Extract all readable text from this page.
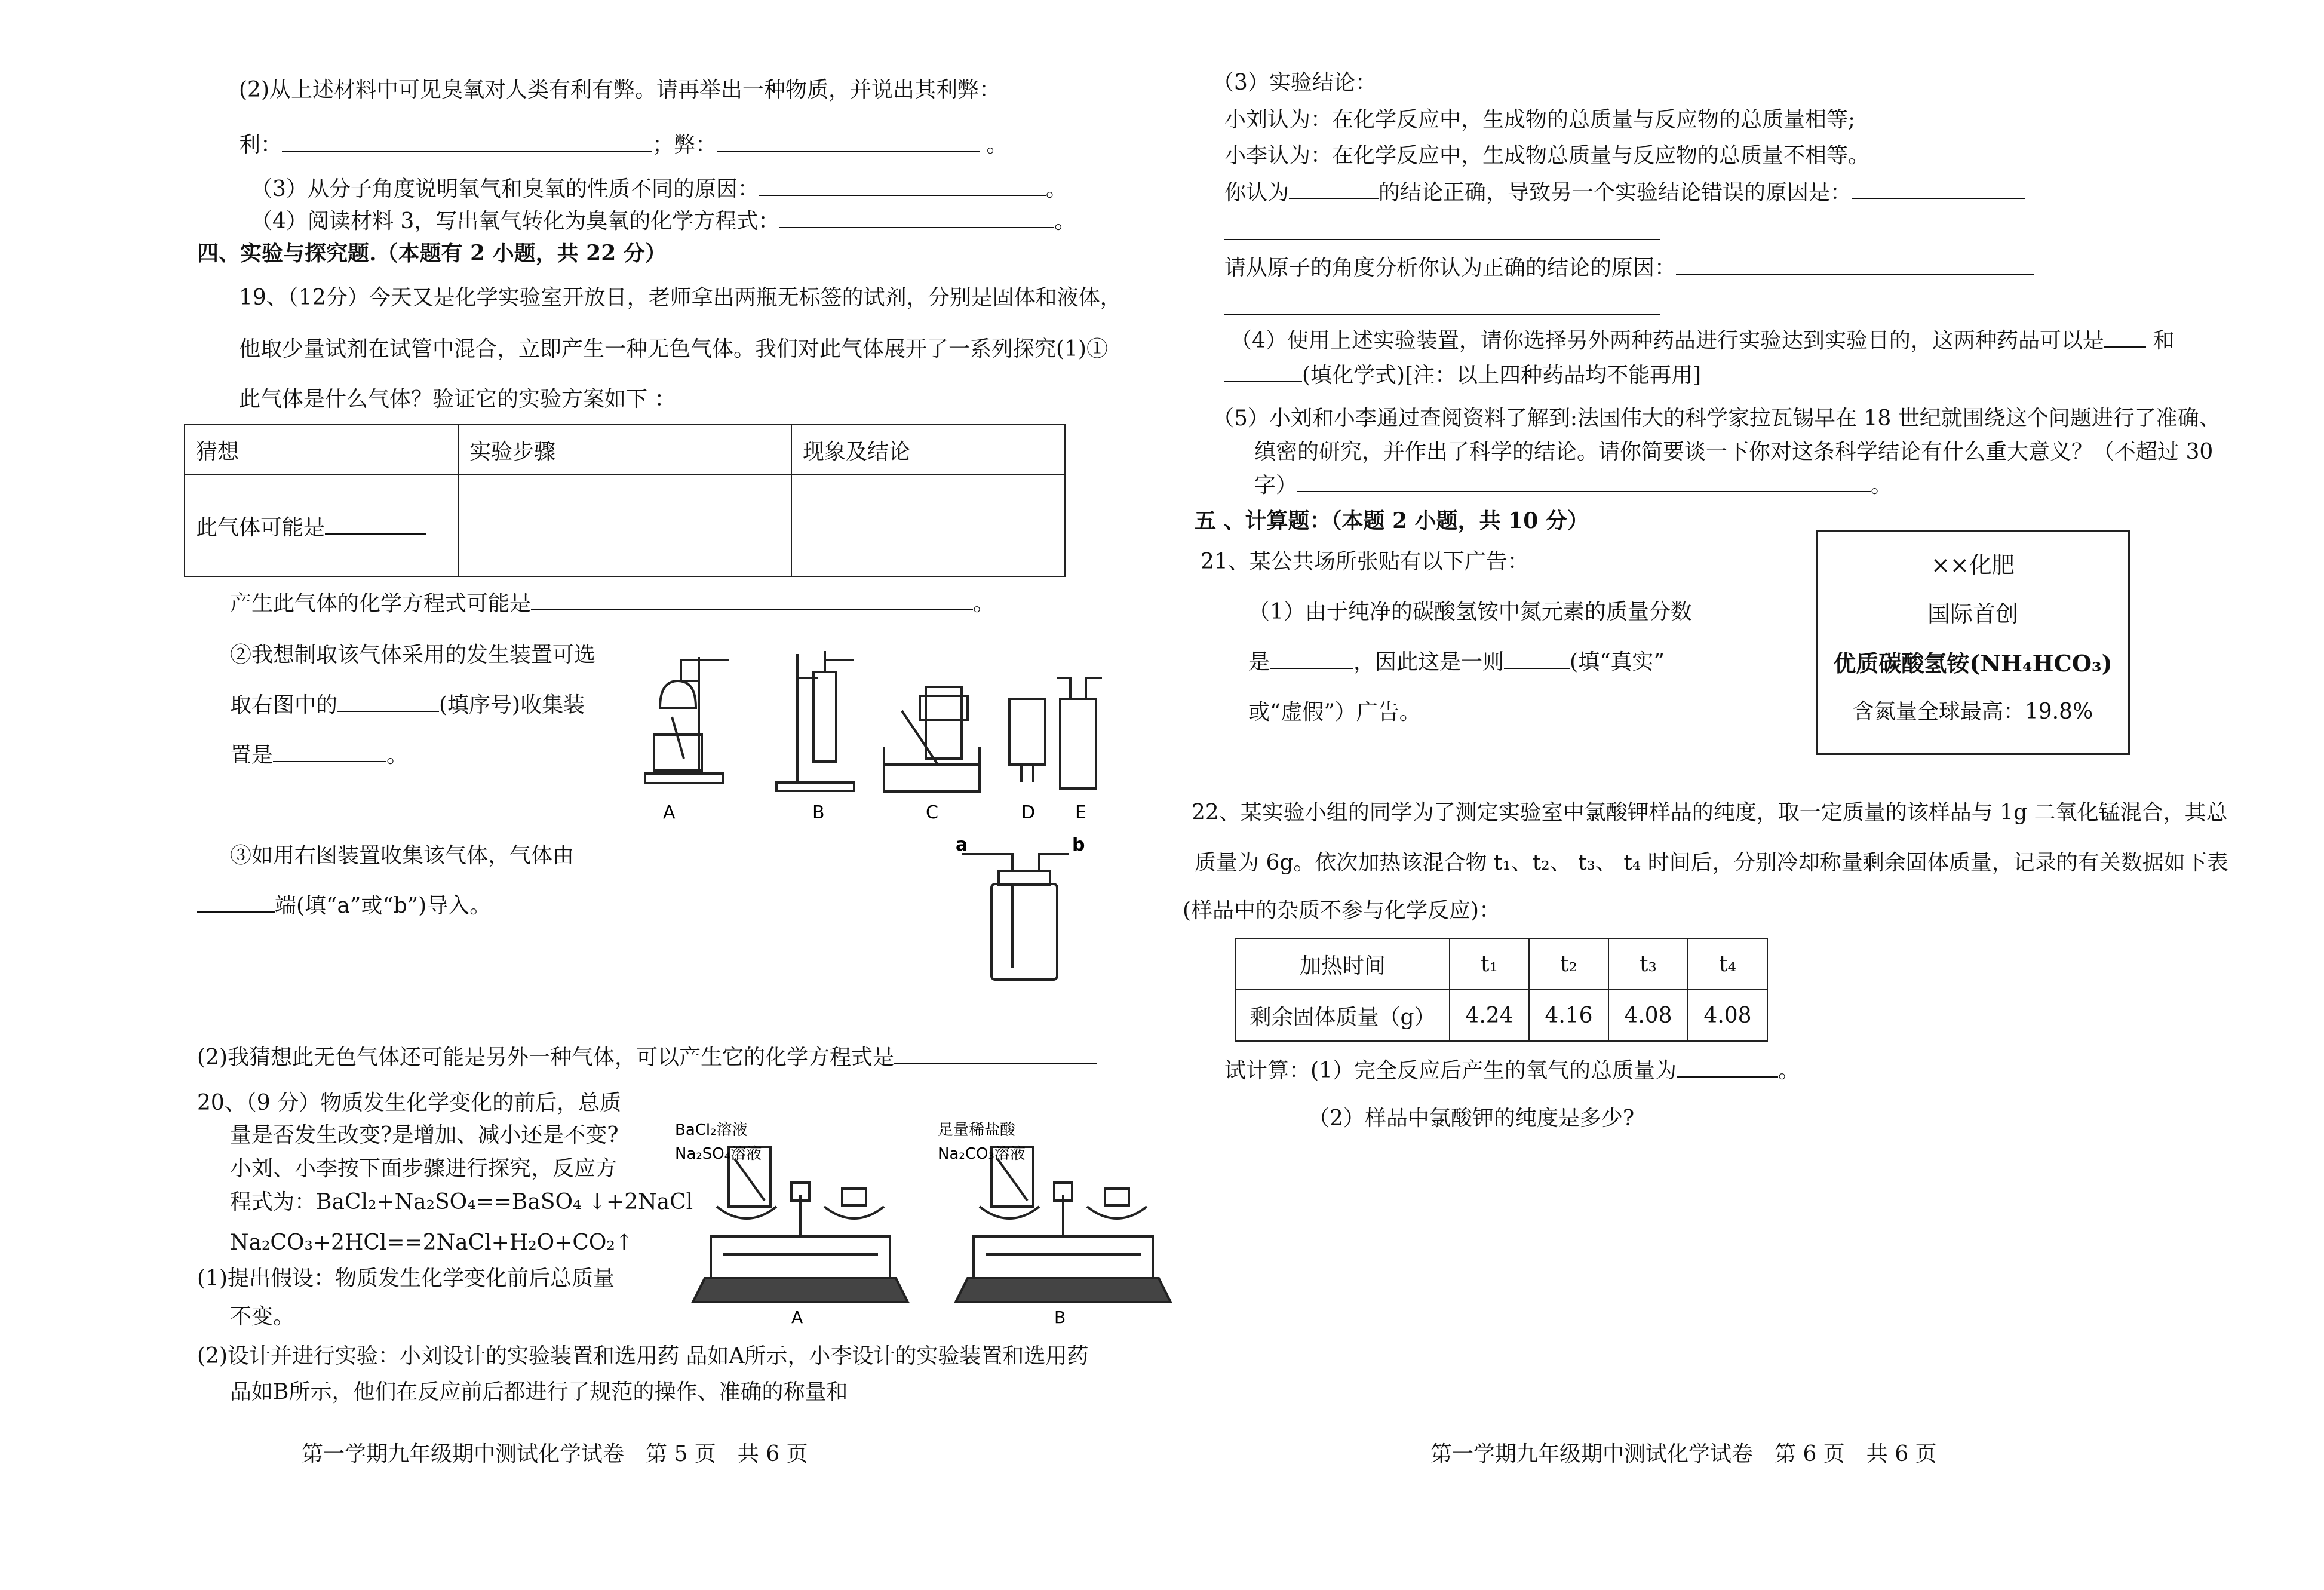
(2)从上述材料中可见臭氧对人类有利有弊。请再举出一种物质，并说出其利弊：
利：	；弊：	。
（3）从分子角度说明氧气和臭氧的性质不同的原因：	。
（4）阅读材料 3，写出氧气转化为臭氧的化学方程式：	。
四、实验与探究题.（本题有 2 小题，共 22 分）
19、（12分）今天又是化学实验室开放日，老师拿出两瓶无标签的试剂，分别是固体和液体，
他取少量试剂在试管中混合，立即产生一种无色气体。我们对此气体展开了一系列探究(1)①
此气体是什么气体？验证它的实验方案如下 ：
猜想	实验步骤	现象及结论
此气体可能是		
产生此气体的化学方程式可能是	。
②我想制取该气体采用的发生装置可选
取右图中的	(填序号)收集装
置是	。
A	B	C	D E
③如用右图装置收集该气体，气体由
端(填“a”或“b”)导入。
a	b
(2)我猜想此无色气体还可能是另外一种气体，可以产生它的化学方程式是
20、（9 分）物质发生化学变化的前后，总质
量是否发生改变?是增加、减小还是不变?
小刘、小李按下面步骤进行探究，反应方
程式为：BaCl₂+Na₂SO₄==BaSO₄ ↓+2NaCl
Na₂CO₃+2HCl==2NaCl+H₂O+CO₂↑
(1)提出假设：物质发生化学变化前后总质量
不变。
(2)设计并进行实验：小刘设计的实验装置和选用药 品如A所示，小李设计的实验装置和选用药
品如B所示，他们在反应前后都进行了规范的操作、准确的称量和
BaCl₂溶液
Na₂SO₄溶液
A
足量稀盐酸
Na₂CO₃溶液
B
第一学期九年级期中测试化学试卷　第 5 页　共 6 页
（3）实验结论：
小刘认为：在化学反应中，生成物的总质量与反应物的总质量相等;
小李认为：在化学反应中，生成物总质量与反应物的总质量不相等。
你认为	的结论正确，导致另一个实验结论错误的原因是：
请从原子的角度分析你认为正确的结论的原因：
（4）使用上述实验装置，请你选择另外两种药品进行实验达到实验目的，这两种药品可以是 和
(填化学式)[注：以上四种药品均不能再用]
（5）小刘和小李通过查阅资料了解到:法国伟大的科学家拉瓦锡早在 18 世纪就围绕这个问题进行了准确、
缜密的研究，并作出了科学的结论。请你简要谈一下你对这条科学结论有什么重大意义？（不超过 30
字）	。
五 、计算题：（本题 2 小题，共 10 分）
21、某公共场所张贴有以下广告：
（1）由于纯净的碳酸氢铵中氮元素的质量分数
是	，因此这是一则	(填“真实”
或“虚假”）广告。
××化肥
国际首创
优质碳酸氢铵(NH₄HCO₃)
含氮量全球最高：19.8%
22、某实验小组的同学为了测定实验室中氯酸钾样品的纯度，取一定质量的该样品与 1g 二氧化锰混合，其总
质量为 6g。依次加热该混合物 t₁、t₂、 t₃、 t₄ 时间后，分别冷却称量剩余固体质量，记录的有关数据如下表
(样品中的杂质不参与化学反应)：
加热时间	t₁	t₂	t₃	t₄
剩余固体质量（g）	4.24	4.16	4.08	4.08
试计算：(1）完全反应后产生的氧气的总质量为	。
（2）样品中氯酸钾的纯度是多少?
第一学期九年级期中测试化学试卷　第 6 页　共 6 页
